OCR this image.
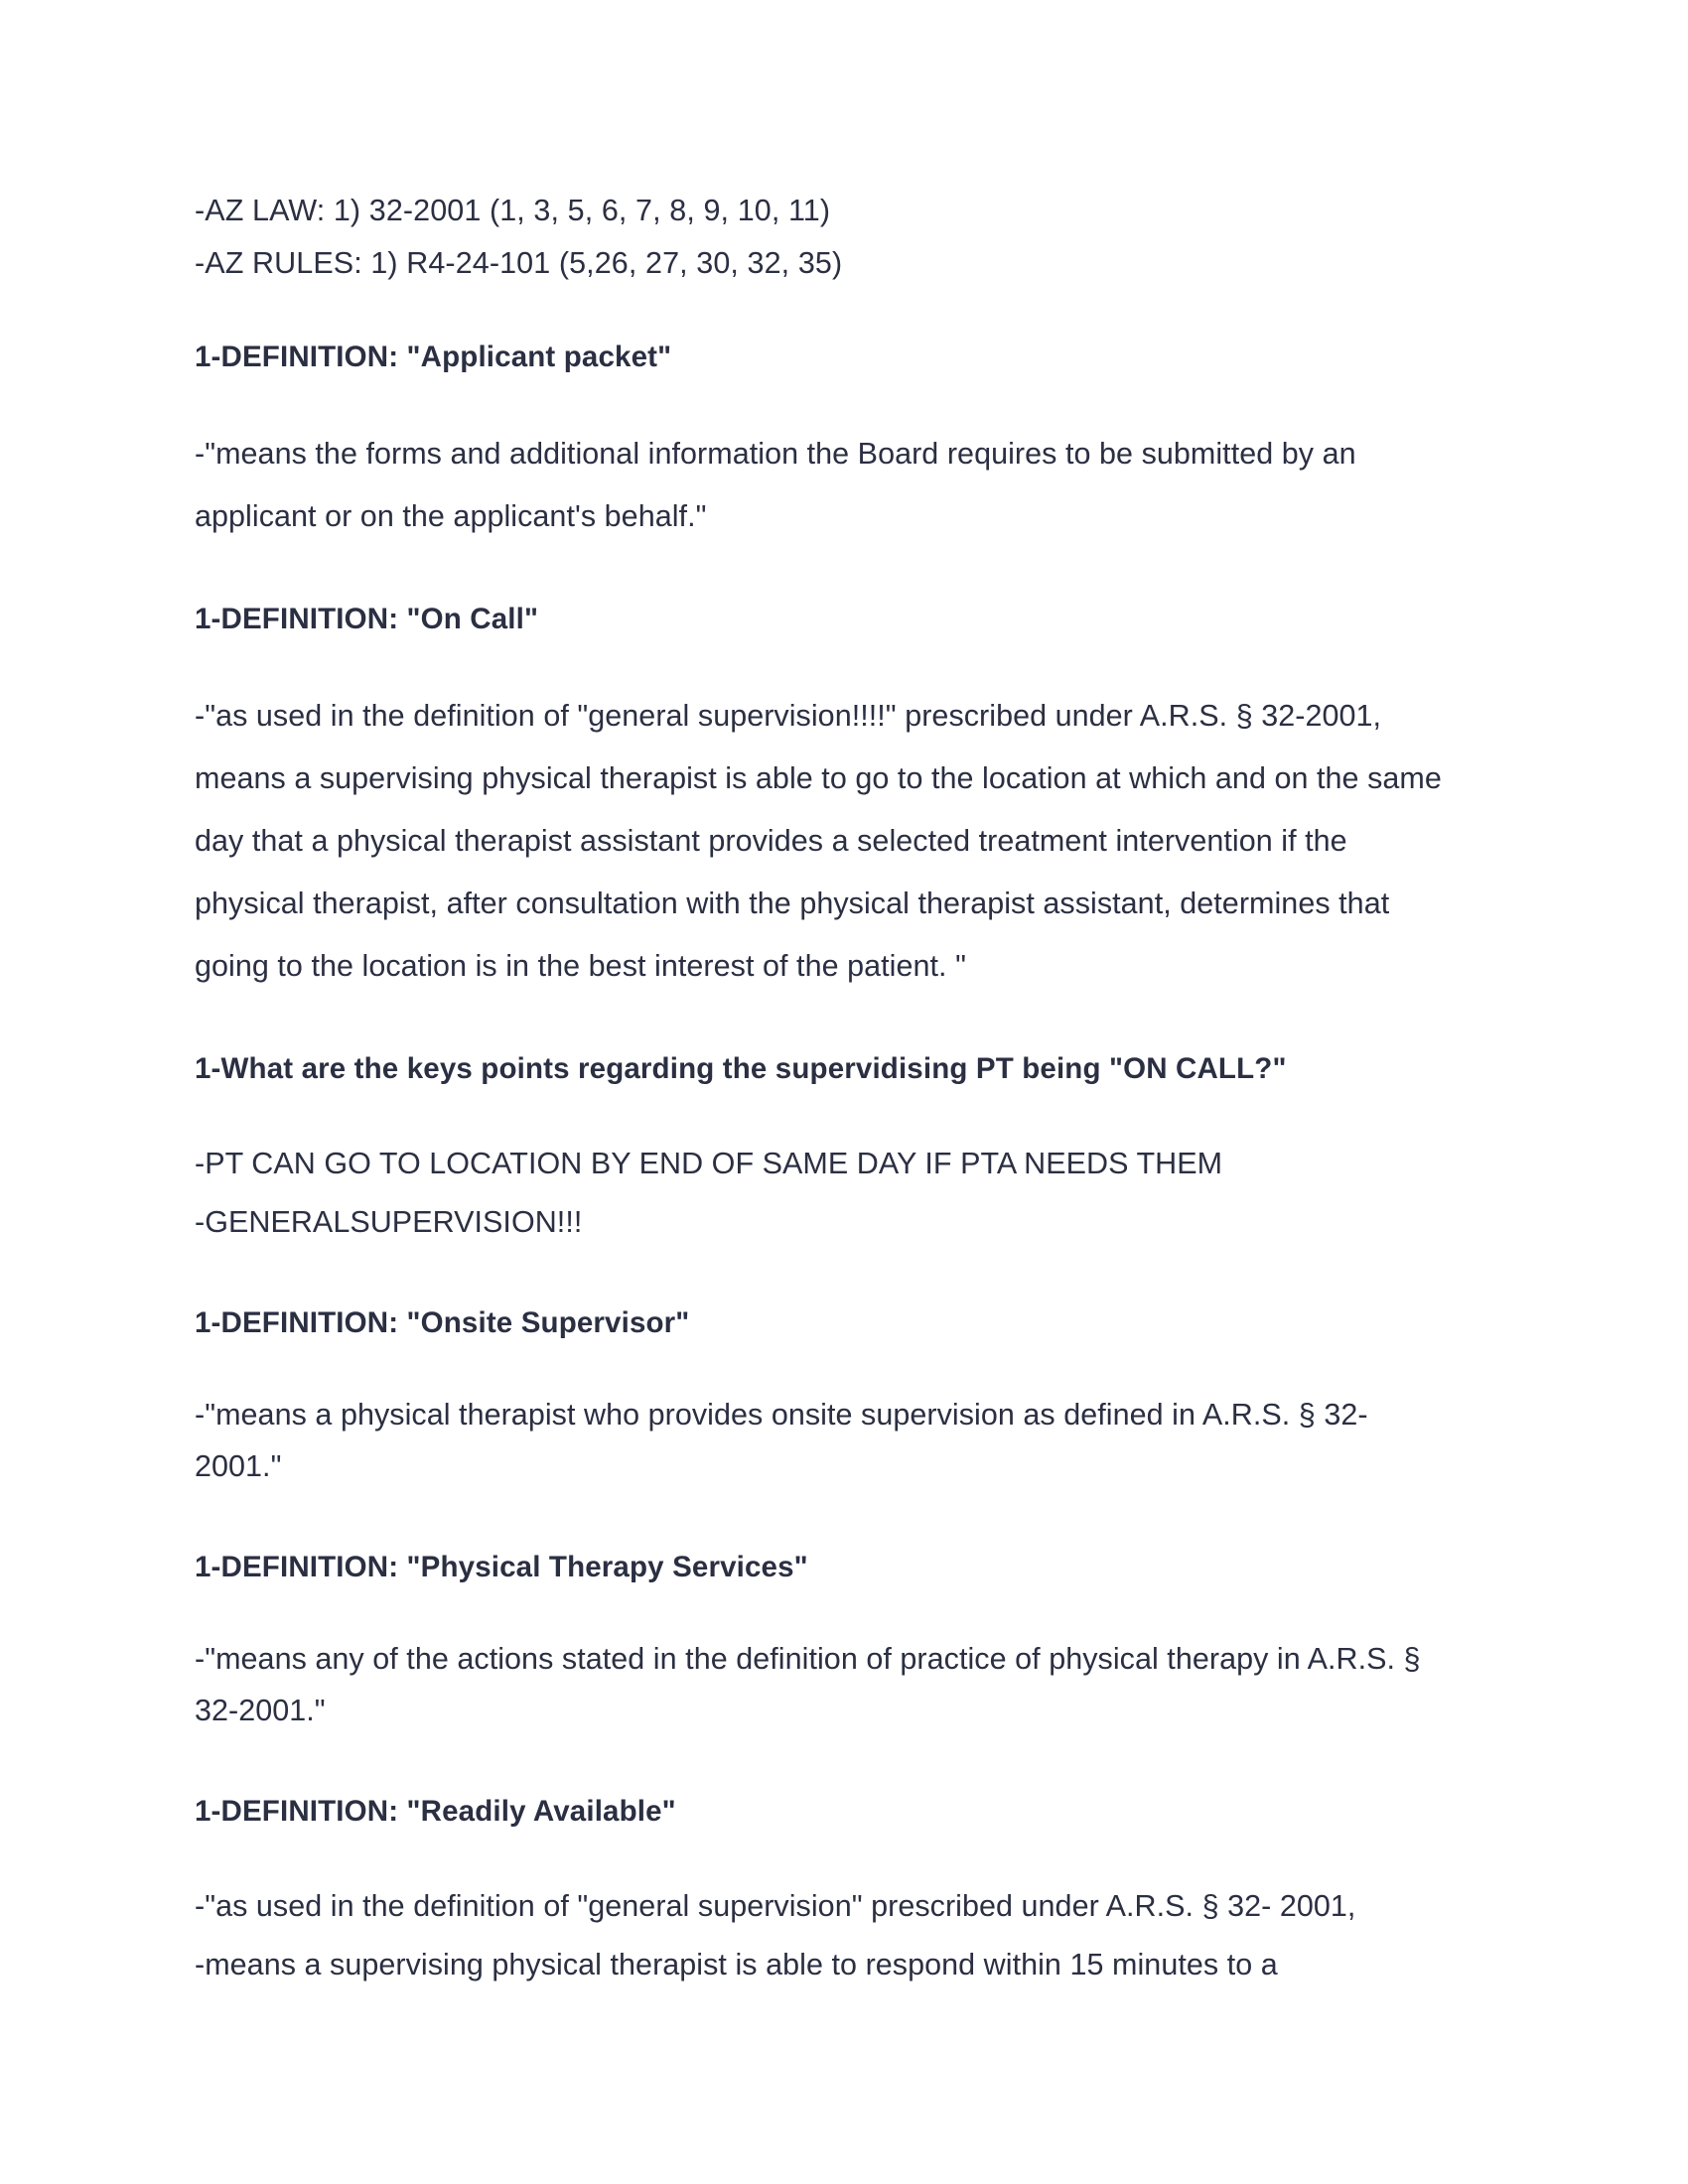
-AZ LAW: 1) 32-2001 (1, 3, 5, 6, 7, 8, 9, 10, 11)
-AZ RULES: 1) R4-24-101 (5,26, 27, 30, 32, 35)
1-DEFINITION: "Applicant packet"

-"means the forms and additional information the Board requires to be submitted by an applicant or on the applicant's behalf."

1-DEFINITION: "On Call"

-"as used in the definition of "general supervision!!!!" prescribed under A.R.S. § 32-2001, means a supervising physical therapist is able to go to the location at which and on the same day that a physical therapist assistant provides a selected treatment intervention if the physical therapist, after consultation with the physical therapist assistant, determines that going to the location is in the best interest of the patient. "

1-What are the keys points regarding the supervidising PT being "ON CALL?"

-PT CAN GO TO LOCATION BY END OF SAME DAY IF PTA NEEDS THEM
-GENERALSUPERVISION!!!

1-DEFINITION: "Onsite Supervisor"

-"means a physical therapist who provides onsite supervision as defined in A.R.S. § 32-2001."

1-DEFINITION: "Physical Therapy Services"

-"means any of the actions stated in the definition of practice of physical therapy in A.R.S. § 32-2001."

1-DEFINITION: "Readily Available"

-"as used in the definition of "general supervision" prescribed under A.R.S. § 32- 2001,
-means a supervising physical therapist is able to respond within 15 minutes to a
